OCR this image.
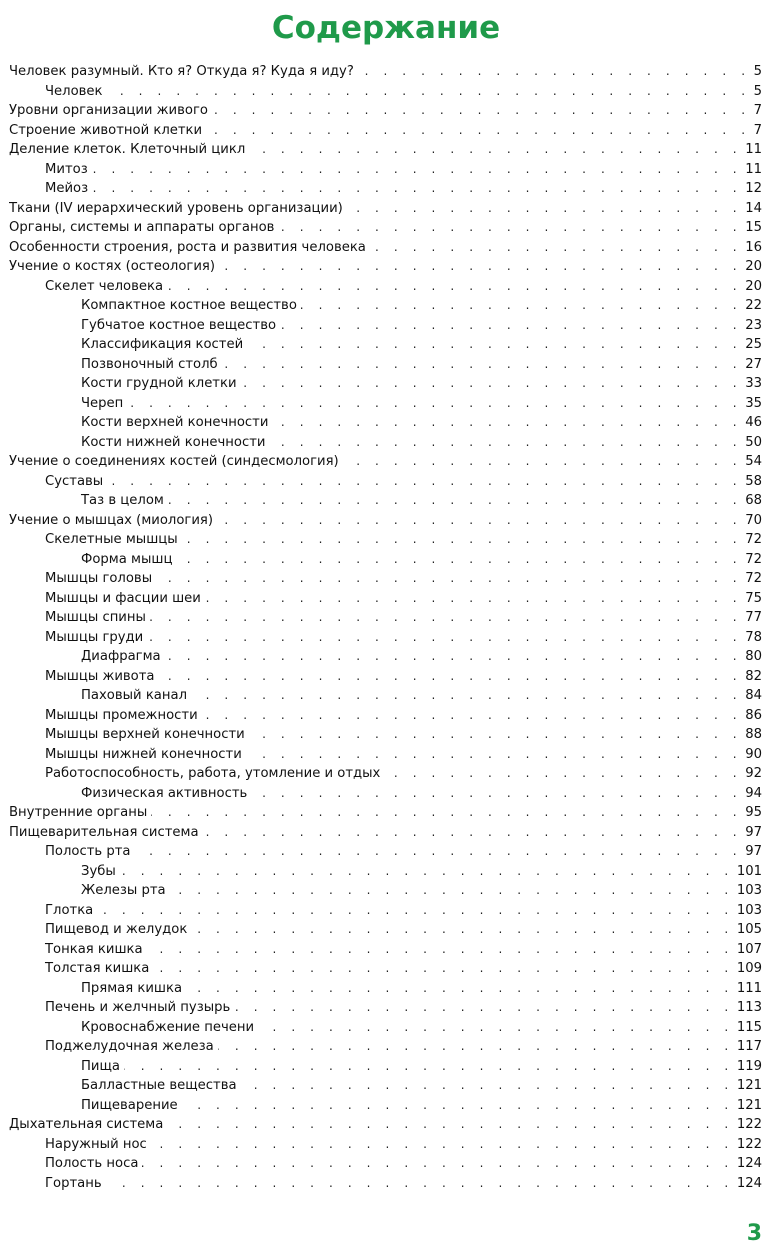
Содержание
Человек разумный. Кто я? Откуда я? Куда я иду? . . .	5
Человек . . .	5
Уровни организации живого . . .	7
Строение животной клетки . . .	7
Деление клеток. Клеточный цикл . . .	11
Митоз . . .	11
Мейоз . . .	12
Ткани (IV иерархический уровень организации) . . .	14
Органы, системы и аппараты органов . . .	15
Особенности строения, роста и развития человека . . .	16
Учение о костях (остеология) . . .	20
Скелет человека . . .	20
Компактное костное вещество . . .	22
Губчатое костное вещество . . .	23
Классификация костей . . .	25
Позвоночный столб . . .	27
Кости грудной клетки . . .	33
Череп . . .	35
Кости верхней конечности . . .	46
Кости нижней конечности . . .	50
Учение о соединениях костей (синдесмология) . . .	54
Суставы . . .	58
Таз в целом . . .	68
Учение о мышцах (миология) . . .	70
Скелетные мышцы . . .	72
Форма мышц . . .	72
Мышцы головы . . .	72
Мышцы и фасции шеи . . .	75
Мышцы спины . . .	77
Мышцы груди . . .	78
Диафрагма . . .	80
Мышцы живота . . .	82
Паховый канал . . .	84
Мышцы промежности . . .	86
Мышцы верхней конечности . . .	88
Мышцы нижней конечности . . .	90
Работоспособность, работа, утомление и отдых . . .	92
Физическая активность . . .	94
Внутренние органы . . .	95
Пищеварительная система . . .	97
Полость рта . . .	97
Зубы . . .	101
Железы рта . . .	103
Глотка . . .	103
Пищевод и желудок . . .	105
Тонкая кишка . . .	107
Толстая кишка . . .	109
Прямая кишка . . .	111
Печень и желчный пузырь . . .	113
Кровоснабжение печени . . .	115
Поджелудочная железа . . .	117
Пища . . .	119
Балластные вещества . . .	121
Пищеварение . . .	121
Дыхательная система . . .	122
Наружный нос . . .	122
Полость носа . . .	124
Гортань . . .	124
3
